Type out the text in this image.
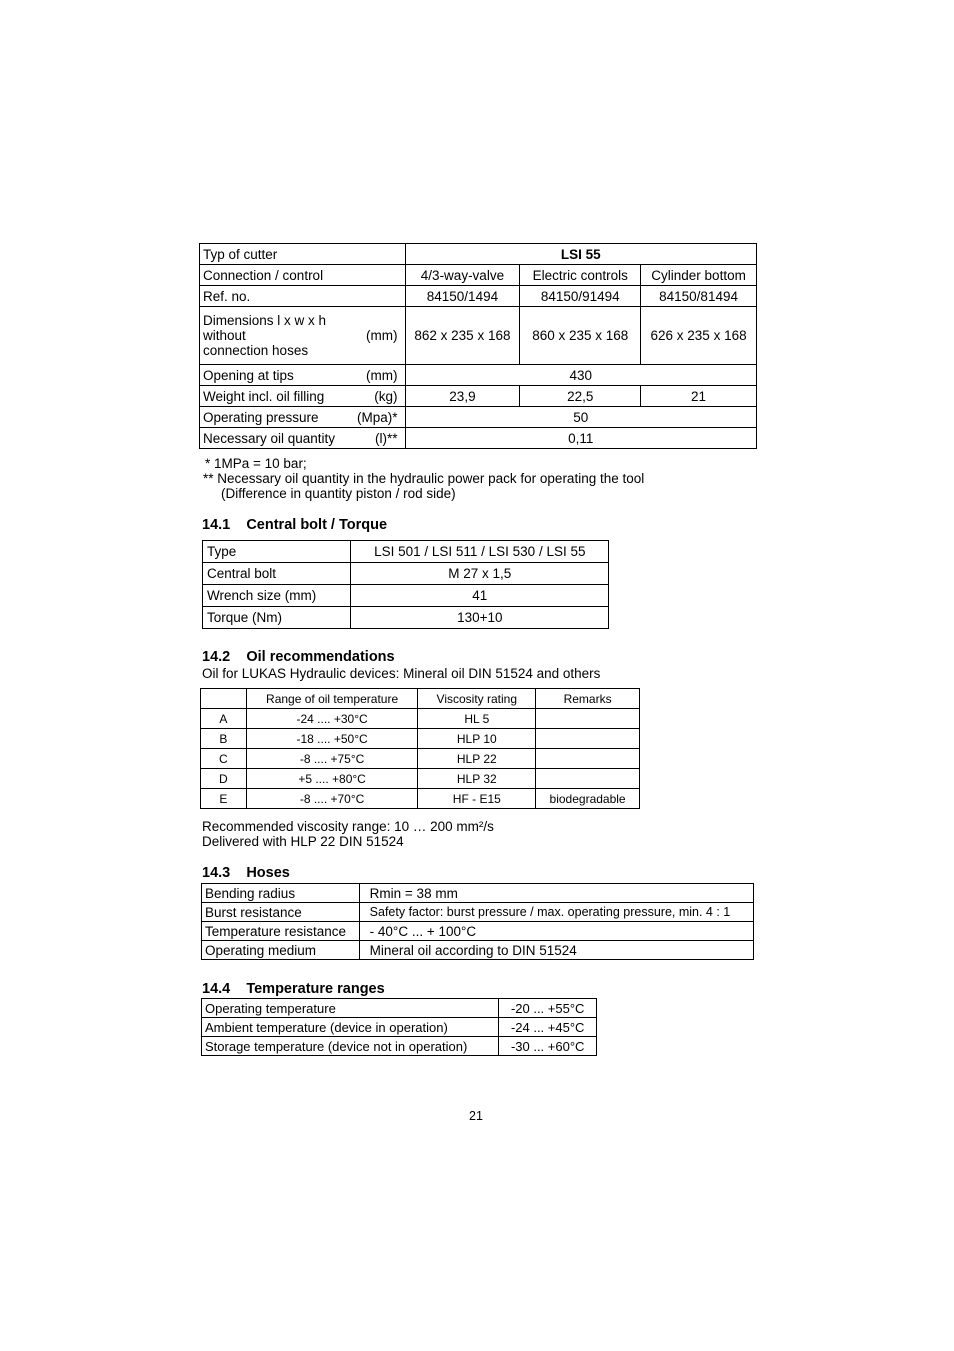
Typ of cutter	LSI 55		
Connection / control	4/3-way-valve	Electric controls	Cylinder bottom
Ref. no.	84150/1494	84150/91494	84150/81494

Dimensions l x w x h
without (mm)
connection hoses	862 x 235 x 168	860 x 235 x 168	626 x 235 x 168

Opening at tips (mm)	430		

Weight incl. oil filling (kg)	23,9	22,5	21

Operating pressure (Mpa)*	50		

Necessary oil quantity (l)**	0,11		

* 1MPa = 10 bar;

** Necessary oil quantity in the hydraulic power pack for operating the tool

(Difference in quantity piston / rod side)

14.1    Central bolt / Torque
Type	LSI 501 / LSI 511 / LSI 530 / LSI 55
Central bolt	M 27 x 1,5
Wrench size (mm)	41
Torque (Nm)	130+10
14.2    Oil recommendations

Oil for LUKAS Hydraulic devices: Mineral oil DIN 51524 and others

	Range of oil temperature	Viscosity rating	Remarks
A	-24 .... +30°C	HL 5	
B	-18 .... +50°C	HLP 10	
C	-8 .... +75°C	HLP 22	
D	+5 .... +80°C	HLP 32	
E	-8 .... +70°C	HF - E15	biodegradable

Recommended viscosity range: 10 … 200 mm²/s

Delivered with HLP 22 DIN 51524

14.3    Hoses
Bending radius	Rmin = 38 mm
Burst resistance	Safety factor: burst pressure / max. operating pressure, min. 4 : 1
Temperature resistance	- 40°C ... + 100°C
Operating medium	Mineral oil according to DIN 51524
14.4    Temperature ranges
Operating temperature	-20 ... +55°C
Ambient temperature (device in operation)	-24 ... +45°C
Storage temperature (device not in operation)	-30 ... +60°C

21
